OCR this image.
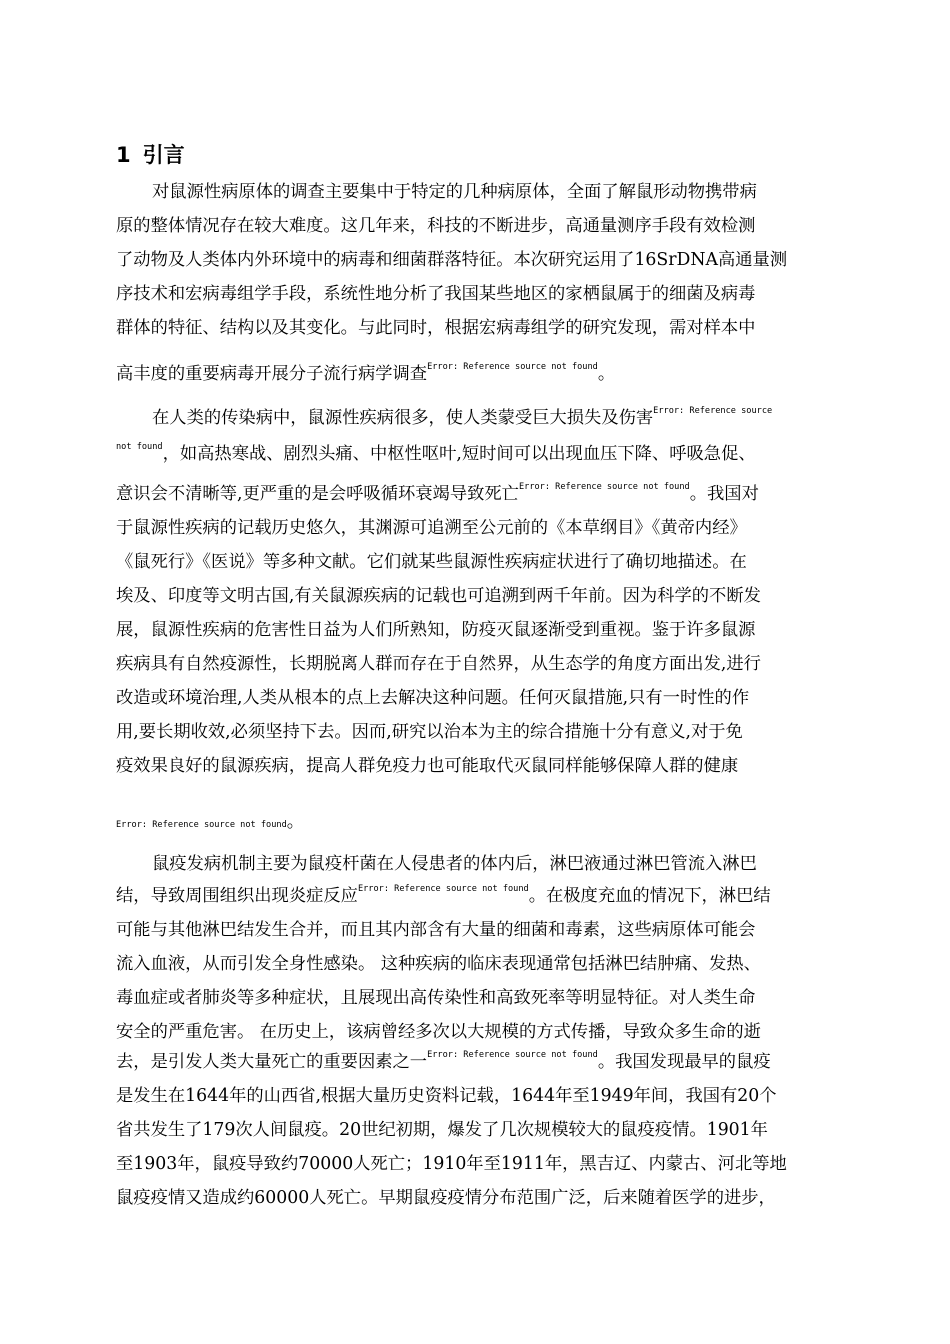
1 引言
对鼠源性病原体的调查主要集中于特定的几种病原体，全面了解鼠形动物携带病
原的整体情况存在较大难度。这几年来，科技的不断进步，高通量测序手段有效检测
了动物及人类体内外环境中的病毒和细菌群落特征。本次研究运用了16SrDNA高通量测
序技术和宏病毒组学手段，系统性地分析了我国某些地区的家栖鼠属于的细菌及病毒
群体的特征、结构以及其变化。与此同时，根据宏病毒组学的研究发现，需对样本中
高丰度的重要病毒开展分子流行病学调查$^{Error: Reference source not found}$。
在人类的传染病中，鼠源性疾病很多，使人类蒙受巨大损失及伤害$^{Error: Reference source}$
$^{not found}$，如高热寒战、剧烈头痛、中枢性呕叶,短时间可以出现血压下降、呼吸急促、
意识会不清晰等,更严重的是会呼吸循环衰竭导致死亡$^{Error: Reference source not found}$。我国对
于鼠源性疾病的记载历史悠久，其渊源可追溯至公元前的《本草纲目》《黄帝内经》
《鼠死行》《医说》等多种文献。它们就某些鼠源性疾病症状进行了确切地描述。在
埃及、印度等文明古国,有关鼠源疾病的记载也可追溯到两千年前。因为科学的不断发
展，鼠源性疾病的危害性日益为人们所熟知，防疫灭鼠逐渐受到重视。鉴于许多鼠源
疾病具有自然疫源性，长期脱离人群而存在于自然界，从生态学的角度方面出发,进行
改造或环境治理,人类从根本的点上去解决这种问题。任何灭鼠措施,只有一时性的作
用,要长期收效,必须坚持下去。因而,研究以治本为主的综合措施十分有意义,对于免
疫效果良好的鼠源疾病，提高人群免疫力也可能取代灭鼠同样能够保障人群的健康
Error: Reference source not found。
鼠疫发病机制主要为鼠疫杆菌在人侵患者的体内后，淋巴液通过淋巴管流入淋巴
结，导致周围组织出现炎症反应$^{Error: Reference source not found}$。在极度充血的情况下，淋巴结
可能与其他淋巴结发生合并，而且其内部含有大量的细菌和毒素，这些病原体可能会
流入血液，从而引发全身性感染。 这种疾病的临床表现通常包括淋巴结肿痛、发热、
毒血症或者肺炎等多种症状，且展现出高传染性和高致死率等明显特征。对人类生命
安全的严重危害。 在历史上，该病曾经多次以大规模的方式传播，导致众多生命的逝
去，是引发人类大量死亡的重要因素之一$^{Error: Reference source not found}$。我国发现最早的鼠疫
是发生在1644年的山西省,根据大量历史资料记载，1644年至1949年间，我国有20个
省共发生了179次人间鼠疫。20世纪初期，爆发了几次规模较大的鼠疫疫情。1901年
至1903年，鼠疫导致约70000人死亡；1910年至1911年，黑吉辽、内蒙古、河北等地
鼠疫疫情又造成约60000人死亡。早期鼠疫疫情分布范围广泛，后来随着医学的进步，
